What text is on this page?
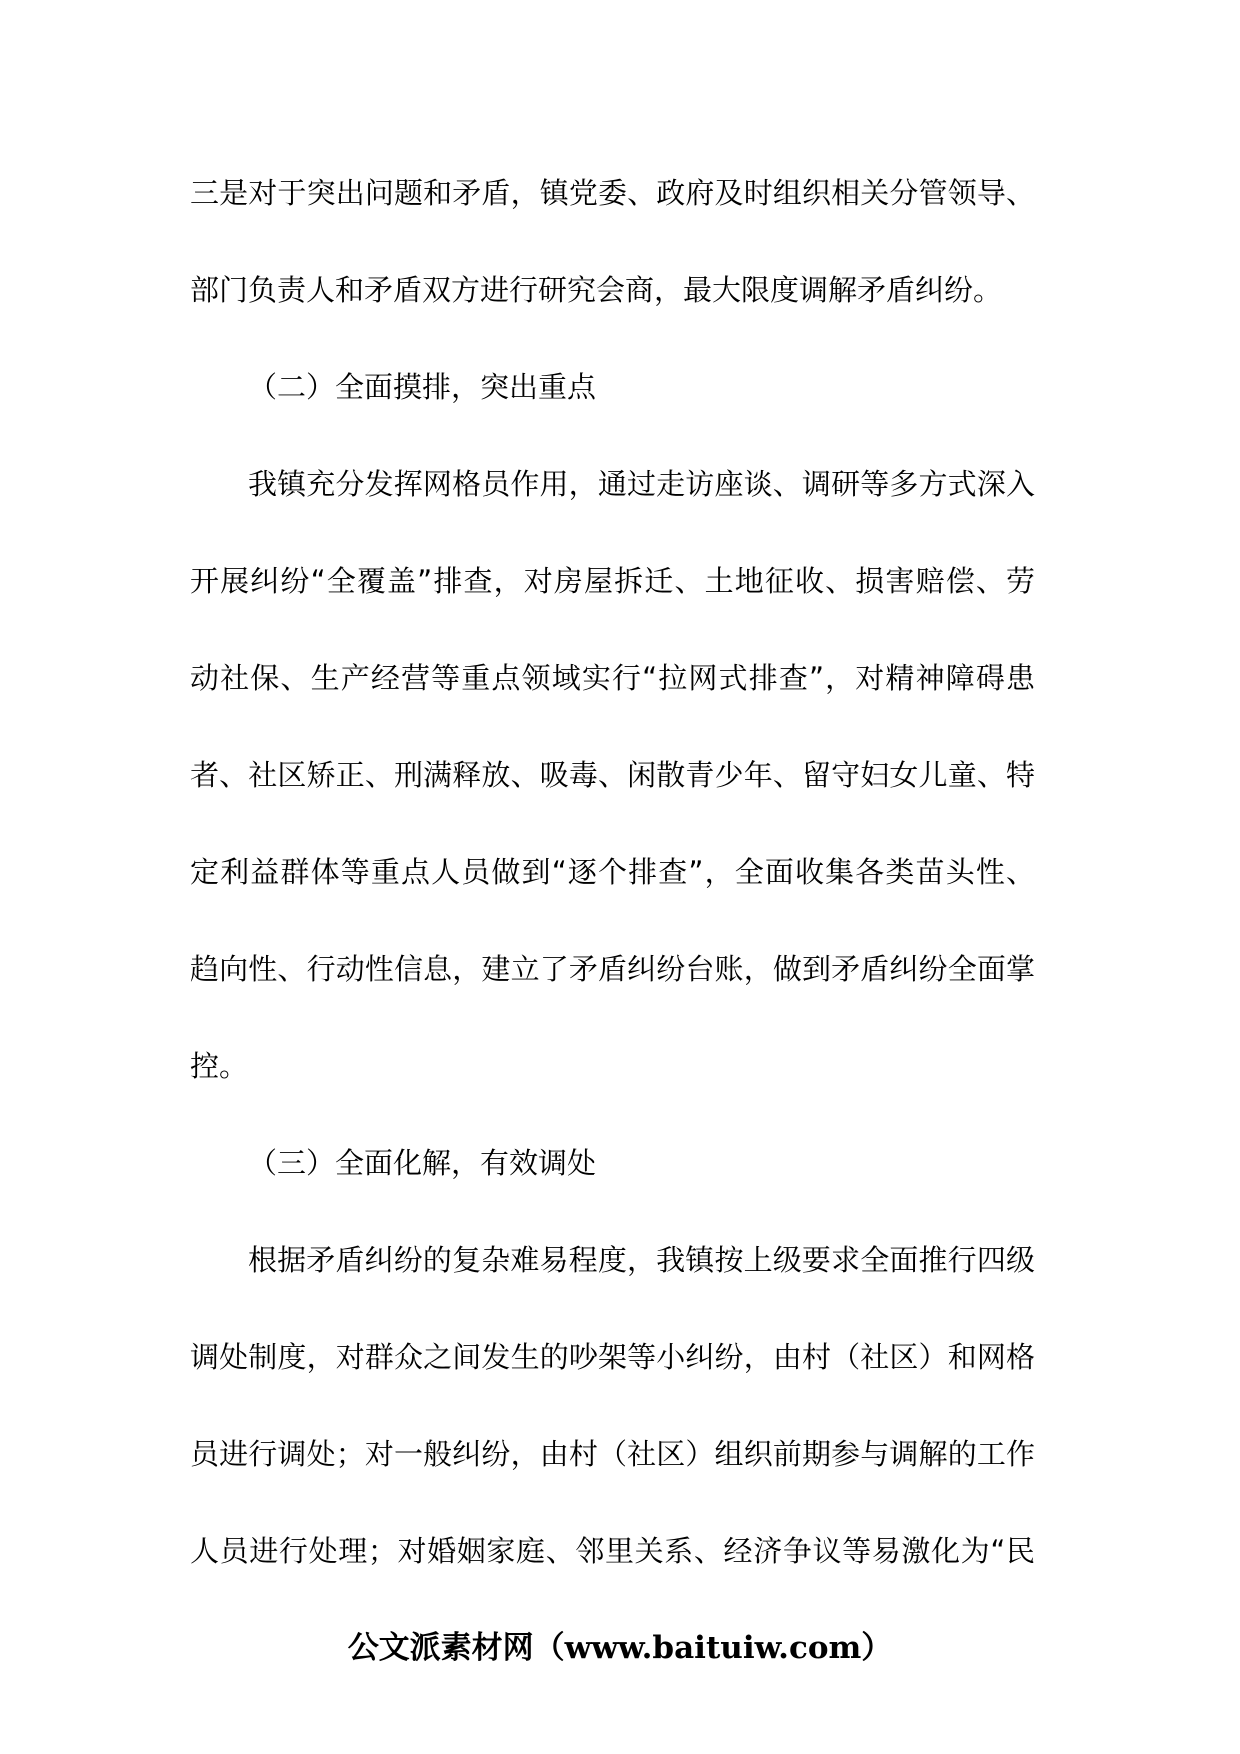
三是对于突出问题和矛盾，镇党委、政府及时组织相关分管领导、
部门负责人和矛盾双方进行研究会商，最大限度调解矛盾纠纷。
（二）全面摸排，突出重点
我镇充分发挥网格员作用，通过走访座谈、调研等多方式深入
开展纠纷“全覆盖”排查，对房屋拆迁、土地征收、损害赔偿、劳
动社保、生产经营等重点领域实行“拉网式排查”，对精神障碍患
者、社区矫正、刑满释放、吸毒、闲散青少年、留守妇女儿童、特
定利益群体等重点人员做到“逐个排查”，全面收集各类苗头性、
趋向性、行动性信息，建立了矛盾纠纷台账，做到矛盾纠纷全面掌
控。
（三）全面化解，有效调处
根据矛盾纠纷的复杂难易程度，我镇按上级要求全面推行四级
调处制度，对群众之间发生的吵架等小纠纷，由村（社区）和网格
员进行调处；对一般纠纷，由村（社区）组织前期参与调解的工作
人员进行处理；对婚姻家庭、邻里关系、经济争议等易激化为“民
公文派素材网（www.baituiw.com）
